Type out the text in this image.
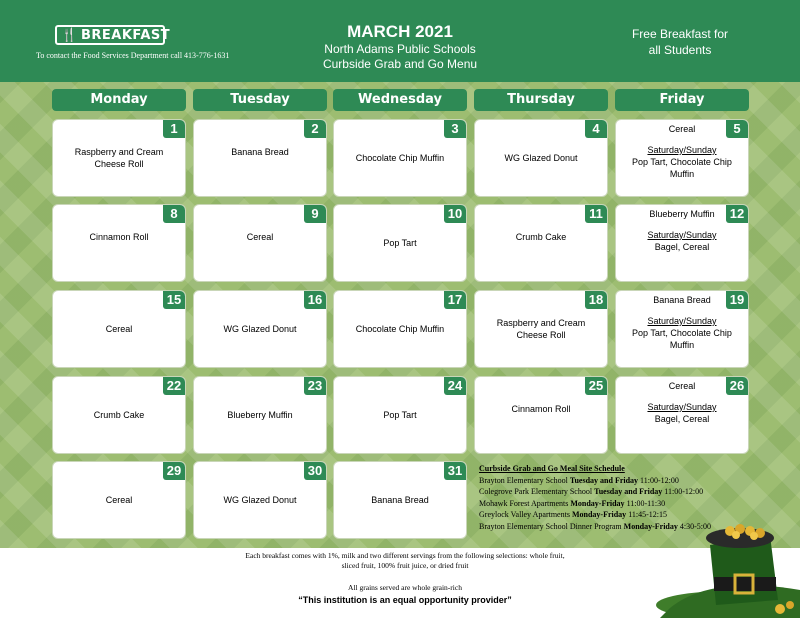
🍴 BREAKFAST
To contact the Food Services Department call 413-776-1631
MARCH 2021
North Adams Public Schools
Curbside Grab and Go Menu
Free Breakfast for
all Students
Monday	Tuesday	Wednesday	Thursday	Friday
1
Raspberry and Cream Cheese Roll
2
Banana Bread
3
Chocolate Chip Muffin
4
WG Glazed Donut
5
Cereal
Saturday/Sunday
Pop Tart, Chocolate Chip Muffin
8
Cinnamon Roll
9
Cereal
10
Pop Tart
11
Crumb Cake
12
Blueberry Muffin
Saturday/Sunday
Bagel, Cereal
15
Cereal
16
WG Glazed Donut
17
Chocolate Chip Muffin
18
Raspberry and Cream Cheese Roll
19
Banana Bread
Saturday/Sunday
Pop Tart, Chocolate Chip Muffin
22
Crumb Cake
23
Blueberry Muffin
24
Pop Tart
25
Cinnamon Roll
26
Cereal
Saturday/Sunday
Bagel, Cereal
29
Cereal
30
WG Glazed Donut
31
Banana Bread
Curbside Grab and Go Meal Site Schedule
Brayton Elementary School Tuesday and Friday 11:00-12:00
Colegrove Park Elementary School Tuesday and Friday 11:00-12:00
Mohawk Forest Apartments Monday-Friday 11:00-11:30
Greylock Valley Apartments Monday-Friday 11:45-12:15
Brayton Elementary School Dinner Program Monday-Friday 4:30-5:00
Each breakfast comes with 1%, milk and two different servings from the following selections: whole fruit,
sliced fruit, 100% fruit juice, or dried fruit
All grains served are whole grain-rich
“This institution is an equal opportunity provider”
